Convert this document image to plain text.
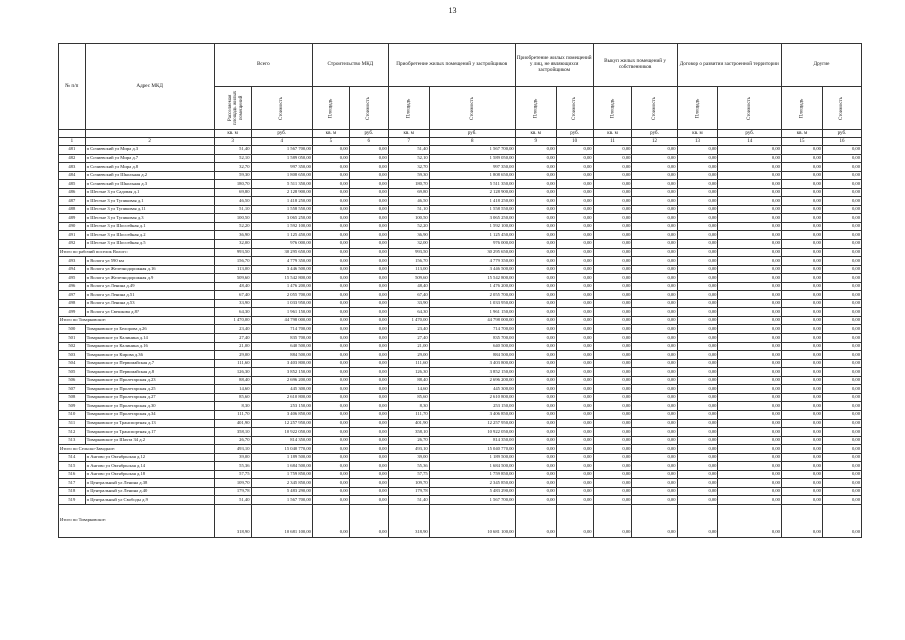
13
№ п/п	Адрес МКД	Всего		Строительство МКД		Приобретение жилых помещений у застройщиков		Приобретение жилых помещений у лиц, не являющихся застройщиком		Выкуп жилых помещений у собственников		Договор о развитии застроенной территории		Другие	
		Расселяемая площадь жилых помещений	Стоимость	Площадь	Стоимость	Площадь	Стоимость	Площадь	Стоимость	Площадь	Стоимость	Площадь	Стоимость	Площадь	Стоимость
		кв. м	руб.	кв. м	руб.	кв. м	руб.	кв. м	руб.	кв. м	руб.	кв. м	руб.	кв. м	руб.
1	2	3	4	5	6	7	8	9	10	11	12	13	14	15	16
481	п Сочиевский ул Мира д.3	51,40	1 567 700,00	0,00	0,00	51,40	1 567 700,00	0,00	0,00	0,00	0,00	0,00	0,00	0,00	0,00
482	п Сочиевский ул Мира д.7	52,10	1 589 050,00	0,00	0,00	52,10	1 589 050,00	0,00	0,00	0,00	0,00	0,00	0,00	0,00	0,00
483	п Сочиевский ул Мира д.8	32,70	997 350,00	0,00	0,00	32,70	997 350,00	0,00	0,00	0,00	0,00	0,00	0,00	0,00	0,00
484	п Сочиевский ул Школьная д.2	59,30	1 808 650,00	0,00	0,00	59,30	1 808 650,00	0,00	0,00	0,00	0,00	0,00	0,00	0,00	0,00
485	п Сочиевский ул Школьная д.3	180,70	5 511 350,00	0,00	0,00	180,70	5 511 350,00	0,00	0,00	0,00	0,00	0,00	0,00	0,00	0,00
486	п Шестые 3 ул Садовая д.1	69,80	2 128 900,00	0,00	0,00	69,80	2 128 900,00	0,00	0,00	0,00	0,00	0,00	0,00	0,00	0,00
487	п Шестые 3 ул Тупиковая д.1	46,50	1 418 250,00	0,00	0,00	46,50	1 418 250,00	0,00	0,00	0,00	0,00	0,00	0,00	0,00	0,00
488	п Шестые 3 ул Тупиковая д.11	51,10	1 558 550,00	0,00	0,00	51,10	1 558 550,00	0,00	0,00	0,00	0,00	0,00	0,00	0,00	0,00
489	п Шестые 3 ул Тупиковая д.3	100,50	3 065 250,00	0,00	0,00	100,50	3 065 250,00	0,00	0,00	0,00	0,00	0,00	0,00	0,00	0,00
490	п Шестые 3 ул Шоссейная д.1	52,20	1 592 100,00	0,00	0,00	52,20	1 592 100,00	0,00	0,00	0,00	0,00	0,00	0,00	0,00	0,00
491	п Шестые 3 ул Шоссейная д.2	36,90	1 125 450,00	0,00	0,00	36,90	1 125 450,00	0,00	0,00	0,00	0,00	0,00	0,00	0,00	0,00
492	п Шестые 3 ул Шоссейная д.5	32,00	976 000,00	0,00	0,00	32,00	976 000,00	0,00	0,00	0,00	0,00	0,00	0,00	0,00	0,00
Итого по рабочий поселок Вологс:		993,50	30 295 650,00	0,00	0,00	993,50	30 295 650,00	0,00	0,00	0,00	0,00	0,00	0,00	0,00	0,00
493	п Волога ул 590 км	156,70	4 779 350,00	0,00	0,00	156,70	4 779 350,00	0,00	0,00	0,00	0,00	0,00	0,00	0,00	0,00
494	п Волога ул Железнодорожная д.16	113,00	3 446 500,00	0,00	0,00	113,00	3 446 500,00	0,00	0,00	0,00	0,00	0,00	0,00	0,00	0,00
495	п Волога ул Железнодорожная д.9	509,60	15 542 800,00	0,00	0,00	509,60	15 542 800,00	0,00	0,00	0,00	0,00	0,00	0,00	0,00	0,00
496	п Волога ул Ленина д.49	48,40	1 476 200,00	0,00	0,00	48,40	1 476 200,00	0,00	0,00	0,00	0,00	0,00	0,00	0,00	0,00
497	п Волога ул Ленина д.51	67,40	2 055 700,00	0,00	0,00	67,40	2 055 700,00	0,00	0,00	0,00	0,00	0,00	0,00	0,00	0,00
498	п Волога ул Ленина д.53	33,90	1 033 950,00	0,00	0,00	33,90	1 033 950,00	0,00	0,00	0,00	0,00	0,00	0,00	0,00	0,00
499	п Волога ул Свешкова д.8?	64,30	1 961 150,00	0,00	0,00	64,30	1 961 150,00	0,00	0,00	0,00	0,00	0,00	0,00	0,00	0,00
Итого по Товарковское:		1 470,00	44 798 000,00	0,00	0,00	1 470,00	44 798 000,00	0,00	0,00	0,00	0,00	0,00	0,00	0,00	0,00
500	Товарковское ул Белорова д.26	23,40	714 700,00	0,00	0,00	23,40	714 700,00	0,00	0,00	0,00	0,00	0,00	0,00	0,00	0,00
501	Товарковское ул Калинина д.14	27,40	835 700,00	0,00	0,00	27,40	835 700,00	0,00	0,00	0,00	0,00	0,00	0,00	0,00	0,00
502	Товарковское ул Калинина д.16	21,00	640 500,00	0,00	0,00	21,00	640 500,00	0,00	0,00	0,00	0,00	0,00	0,00	0,00	0,00
503	Товарковское ул Кирова д.36	29,00	884 500,00	0,00	0,00	29,00	884 500,00	0,00	0,00	0,00	0,00	0,00	0,00	0,00	0,00
504	Товарковское ул Первомайская д.7	111,60	3 403 800,00	0,00	0,00	111,60	3 403 800,00	0,00	0,00	0,00	0,00	0,00	0,00	0,00	0,00
505	Товарковское ул Первомайская д.8	126,30	3 852 150,00	0,00	0,00	126,30	3 852 150,00	0,00	0,00	0,00	0,00	0,00	0,00	0,00	0,00
506	Товарковское ул Пролетарская д.23	88,40	2 696 200,00	0,00	0,00	88,40	2 696 200,00	0,00	0,00	0,00	0,00	0,00	0,00	0,00	0,00
507	Товарковское ул Пролетарская д.25	14,60	445 300,00	0,00	0,00	14,60	445 300,00	0,00	0,00	0,00	0,00	0,00	0,00	0,00	0,00
508	Товарковское ул Пролетарская д.27	85,60	2 610 800,00	0,00	0,00	85,60	2 610 800,00	0,00	0,00	0,00	0,00	0,00	0,00	0,00	0,00
509	Товарковское ул Пролетарская д.30	8,30	253 150,00	0,00	0,00	8,30	253 150,00	0,00	0,00	0,00	0,00	0,00	0,00	0,00	0,00
510	Товарковское ул Пролетарская д.34	111,70	3 406 850,00	0,00	0,00	111,70	3 406 850,00	0,00	0,00	0,00	0,00	0,00	0,00	0,00	0,00
511	Товарковское ул Транспортная д.13	401,90	12 257 950,00	0,00	0,00	401,90	12 257 950,00	0,00	0,00	0,00	0,00	0,00	0,00	0,00	0,00
512	Товарковское ул Транспортная д.17	358,10	10 922 050,00	0,00	0,00	358,10	10 922 050,00	0,00	0,00	0,00	0,00	0,00	0,00	0,00	0,00
513	Товарковское ул Шахта 34 д.2	26,70	814 350,00	0,00	0,00	26,70	814 350,00	0,00	0,00	0,00	0,00	0,00	0,00	0,00	0,00
Итого по Сельско-Заводное:		493,10	15 040 770,00	0,00	0,00	493,10	15 040 770,00	0,00	0,00	0,00	0,00	0,00	0,00	0,00	0,00
514	п Ангово ул Октябрьская д.12	39,00	1 189 500,00	0,00	0,00	39,00	1 189 500,00	0,00	0,00	0,00	0,00	0,00	0,00	0,00	0,00
515	п Ангово ул Октябрьская д.14	55,36	1 684 500,00	0,00	0,00	55,36	1 684 500,00	0,00	0,00	0,00	0,00	0,00	0,00	0,00	0,00
516	п Ангово ул Октябрьская д.18	57,75	1 759 850,00	0,00	0,00	57,75	1 759 850,00	0,00	0,00	0,00	0,00	0,00	0,00	0,00	0,00
517	п Центральный ул Ленина д.38	109,70	2 345 850,00	0,00	0,00	109,70	2 345 850,00	0,00	0,00	0,00	0,00	0,00	0,00	0,00	0,00
518	п Центральный ул Ленина д.40	179,78	5 483 290,00	0,00	0,00	179,78	5 483 290,00	0,00	0,00	0,00	0,00	0,00	0,00	0,00	0,00
519	п Центральный ул Свободы д.9	51,40	1 567 700,00	0,00	0,00	51,40	1 567 700,00	0,00	0,00	0,00	0,00	0,00	0,00	0,00	0,00
Итого по Товарковское:		318,90	10 681 100,00	0,00	0,00	318,90	10 681 100,00	0,00	0,00	0,00	0,00	0,00	0,00	0,00	0,00
